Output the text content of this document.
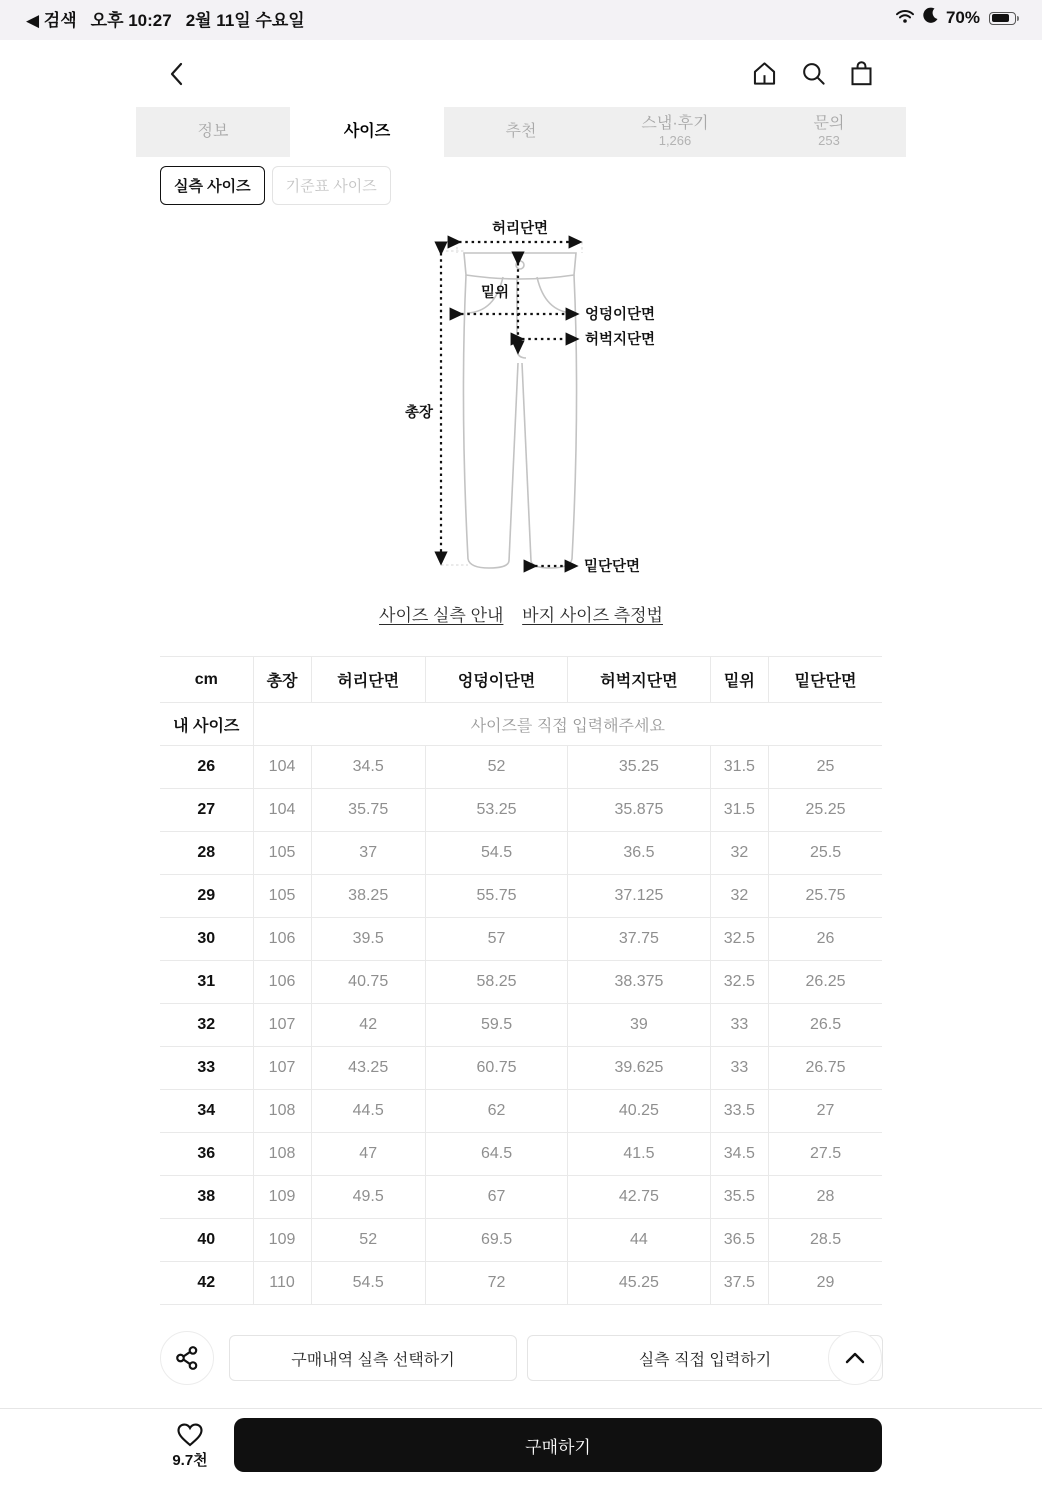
◀ 검색 오후 10:27 2월 11일 수요일	70%
정보	사이즈	추천	스냅·후기
1,266
문의
253
실측 사이즈	기준표 사이즈
허리단면
총장
밑위
엉덩이단면
허벅지단면
밑단단면
사이즈 실측 안내 바지 사이즈 측정법
cm	총장	허리단면	엉덩이단면	허벅지단면	밑위	밑단단면
내 사이즈	사이즈를 직접 입력해주세요					
26	104	34.5	52	35.25	31.5	25
27	104	35.75	53.25	35.875	31.5	25.25
28	105	37	54.5	36.5	32	25.5
29	105	38.25	55.75	37.125	32	25.75
30	106	39.5	57	37.75	32.5	26
31	106	40.75	58.25	38.375	32.5	26.25
32	107	42	59.5	39	33	26.5
33	107	43.25	60.75	39.625	33	26.75
34	108	44.5	62	40.25	33.5	27
36	108	47	64.5	41.5	34.5	27.5
38	109	49.5	67	42.75	35.5	28
40	109	52	69.5	44	36.5	28.5
42	110	54.5	72	45.25	37.5	29
구매내역 실측 선택하기	실측 직접 입력하기
9.7천
구매하기
